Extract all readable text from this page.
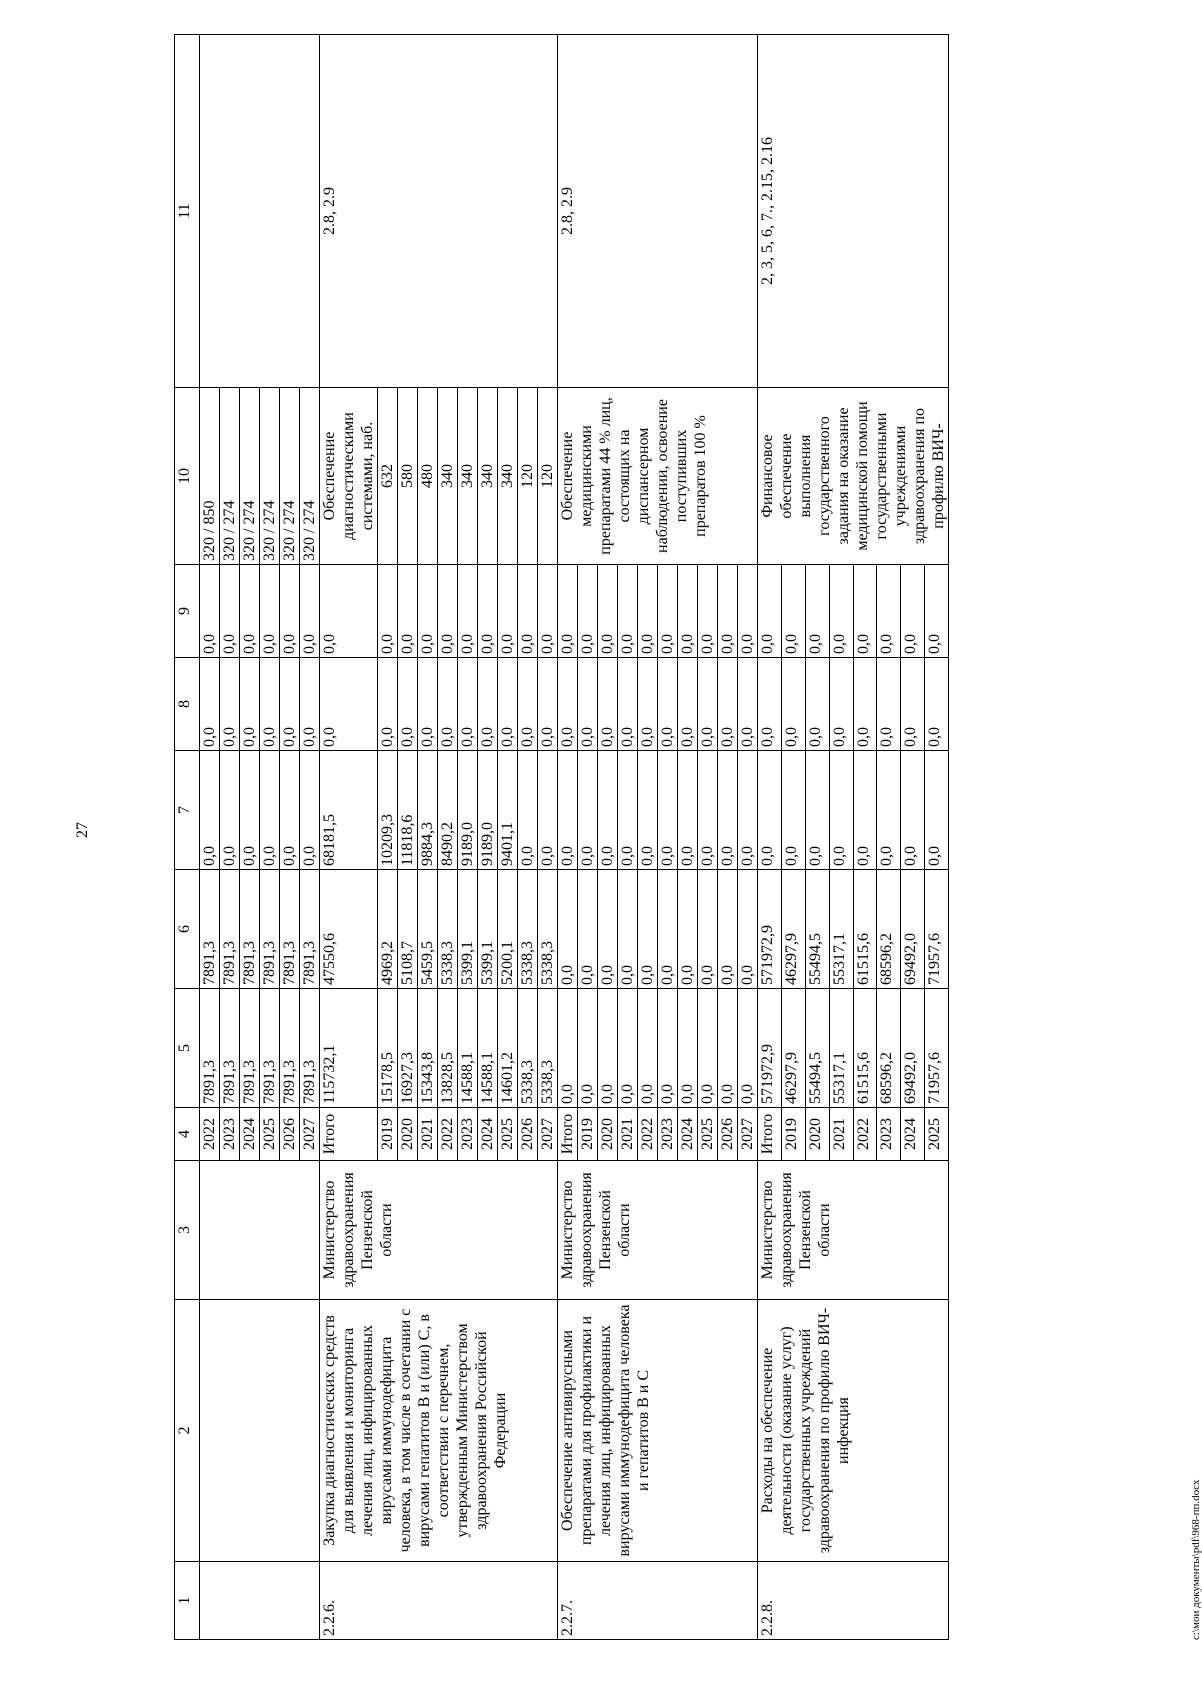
27
c:\мои документы\pdf\968-пп.docx
1	2	3	4	5	6	7	8	9	10	11
			2022	7891,3	7891,3	0,0	0,0	0,0	320 / 850	
			2023	7891,3	7891,3	0,0	0,0	0,0	320 / 274	
			2024	7891,3	7891,3	0,0	0,0	0,0	320 / 274	
			2025	7891,3	7891,3	0,0	0,0	0,0	320 / 274	
			2026	7891,3	7891,3	0,0	0,0	0,0	320 / 274	
			2027	7891,3	7891,3	0,0	0,0	0,0	320 / 274	
2.2.6.	Закупка диагностических средств для выявления и мониторинга лечения лиц, инфицированных вирусами иммунодефицита человека, в том числе в сочетании с вирусами гепатитов В и (или) С, в соответствии с перечнем, утвержденным Министерством здравоохранения Российской Федерации	Министерство здравоохранения Пензенской области	Итого	115732,1	47550,6	68181,5	0,0	0,0	Обеспечение диагностическими системами, наб.	2.8, 2.9
			2019	15178,5	4969,2	10209,3	0,0	0,0	632	
			2020	16927,3	5108,7	11818,6	0,0	0,0	580	
			2021	15343,8	5459,5	9884,3	0,0	0,0	480	
			2022	13828,5	5338,3	8490,2	0,0	0,0	340	
			2023	14588,1	5399,1	9189,0	0,0	0,0	340	
			2024	14588,1	5399,1	9189,0	0,0	0,0	340	
			2025	14601,2	5200,1	9401,1	0,0	0,0	340	
			2026	5338,3	5338,3	0,0	0,0	0,0	120	
			2027	5338,3	5338,3	0,0	0,0	0,0	120	
2.2.7.	Обеспечение антивирусными препаратами для профилактики и лечения лиц, инфицированных вирусами иммунодефицита человека и гепатитов В и С	Министерство здравоохранения Пензенской области	Итого	0,0	0,0	0,0	0,0	0,0	Обеспечение медицинскими препаратами 44 % лиц, состоящих на диспансерном наблюдении, освоение поступивших препаратов 100 %	2.8, 2.9
			2019	0,0	0,0	0,0	0,0	0,0		
			2020	0,0	0,0	0,0	0,0	0,0		
			2021	0,0	0,0	0,0	0,0	0,0		
			2022	0,0	0,0	0,0	0,0	0,0		
			2023	0,0	0,0	0,0	0,0	0,0		
			2024	0,0	0,0	0,0	0,0	0,0		
			2025	0,0	0,0	0,0	0,0	0,0		
			2026	0,0	0,0	0,0	0,0	0,0		
			2027	0,0	0,0	0,0	0,0	0,0		
2.2.8.	Расходы на обеспечение деятельности (оказание услуг) государственных учреждений здравоохранения по профилю ВИЧ-инфекция	Министерство здравоохранения Пензенской области	Итого	571972,9	571972,9	0,0	0,0	0,0	Финансовое обеспечение выполнения государственного задания на оказание медицинской помощи государственными учреждениями здравоохранения по профилю ВИЧ-	2, 3, 5, 6, 7., 2.15, 2.16
			2019	46297,9	46297,9	0,0	0,0	0,0		
			2020	55494,5	55494,5	0,0	0,0	0,0		
			2021	55317,1	55317,1	0,0	0,0	0,0		
			2022	61515,6	61515,6	0,0	0,0	0,0		
			2023	68596,2	68596,2	0,0	0,0	0,0		
			2024	69492,0	69492,0	0,0	0,0	0,0		
			2025	71957,6	71957,6	0,0	0,0	0,0		
